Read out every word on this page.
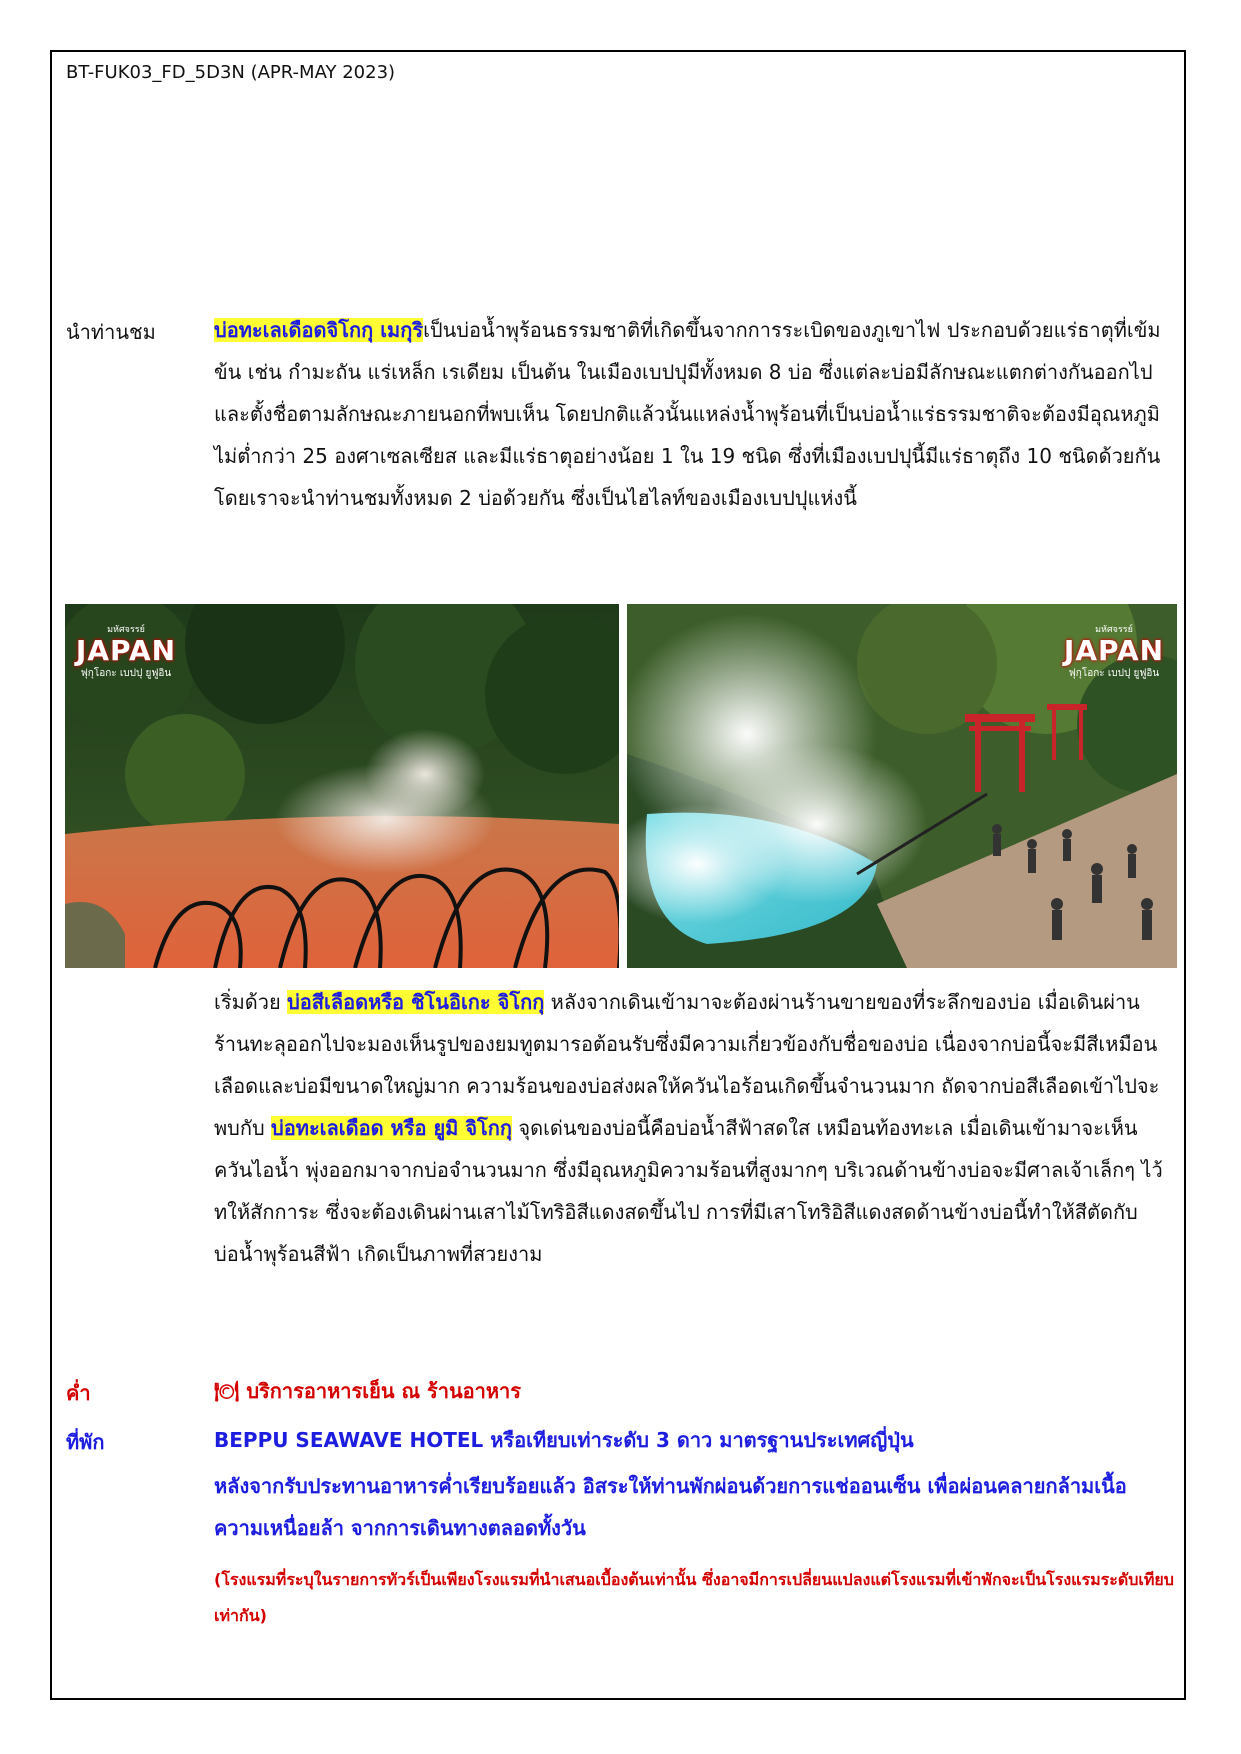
BT-FUK03_FD_5D3N (APR-MAY 2023)
นำท่านชม	บ่อทะเลเดือดจิโกกุ เมกุริเป็นบ่อน้ำพุร้อนธรรมชาติที่เกิดขึ้นจากการระเบิดของภูเขาไฟ ประกอบด้วยแร่ธาตุที่เข้มข้น เช่น กำมะถัน แร่เหล็ก เรเดียม เป็นต้น ในเมืองเบปปุมีทั้งหมด 8 บ่อ ซึ่งแต่ละบ่อมีลักษณะแตกต่างกันออกไป และตั้งชื่อตามลักษณะภายนอกที่พบเห็น โดยปกติแล้วนั้นแหล่งน้ำพุร้อนที่เป็นบ่อน้ำแร่ธรรมชาติจะต้องมีอุณหภูมิไม่ต่ำกว่า 25 องศาเซลเซียส และมีแร่ธาตุอย่างน้อย 1 ใน 19 ชนิด ซึ่งที่เมืองเบปปุนี้มีแร่ธาตุถึง 10 ชนิดด้วยกัน โดยเราจะนำท่านชมทั้งหมด 2 บ่อด้วยกัน ซึ่งเป็นไฮไลท์ของเมืองเบปปุแห่งนี้
มหัศจรรย์
JAPAN
ฟุกุโอกะ เบปปุ ยูฟูอิน
มหัศจรรย์
JAPAN
ฟุกุโอกะ เบปปุ ยูฟูอิน
เริ่มด้วย บ่อสีเลือดหรือ ชิโนอิเกะ จิโกกุ หลังจากเดินเข้ามาจะต้องผ่านร้านขายของที่ระลึกของบ่อ เมื่อเดินผ่านร้านทะลุออกไปจะมองเห็นรูปของยมทูตมารอต้อนรับซึ่งมีความเกี่ยวข้องกับชื่อของบ่อ เนื่องจากบ่อนี้จะมีสีเหมือนเลือดและบ่อมีขนาดใหญ่มาก ความร้อนของบ่อส่งผลให้ควันไอร้อนเกิดขึ้นจำนวนมาก ถัดจากบ่อสีเลือดเข้าไปจะพบกับ บ่อทะเลเดือด หรือ ยูมิ จิโกกุ จุดเด่นของบ่อนี้คือบ่อน้ำสีฟ้าสดใส เหมือนท้องทะเล เมื่อเดินเข้ามาจะเห็นควันไอน้ำ พุ่งออกมาจากบ่อจำนวนมาก ซึ่งมีอุณหภูมิความร้อนที่สูงมากๆ บริเวณด้านข้างบ่อจะมีศาลเจ้าเล็กๆ ไว้ทให้สักการะ ซึ่งจะต้องเดินผ่านเสาไม้โทริอิสีแดงสดขึ้นไป การที่มีเสาโทริอิสีแดงสดด้านข้างบ่อนี้ทำให้สีตัดกับบ่อน้ำพุร้อนสีฟ้า เกิดเป็นภาพที่สวยงาม
ค่ำ	🍽 บริการอาหารเย็น ณ ร้านอาหาร
ที่พัก	BEPPU SEAWAVE HOTEL หรือเทียบเท่าระดับ 3 ดาว มาตรฐานประเทศญี่ปุ่น
หลังจากรับประทานอาหารค่ำเรียบร้อยแล้ว อิสระให้ท่านพักผ่อนด้วยการแช่ออนเซ็น เพื่อผ่อนคลายกล้ามเนื้อ ความเหนื่อยล้า จากการเดินทางตลอดทั้งวัน
(โรงแรมที่ระบุในรายการทัวร์เป็นเพียงโรงแรมที่นำเสนอเบื้องต้นเท่านั้น ซึ่งอาจมีการเปลี่ยนแปลงแต่โรงแรมที่เข้าพักจะเป็นโรงแรมระดับเทียบเท่ากัน)
